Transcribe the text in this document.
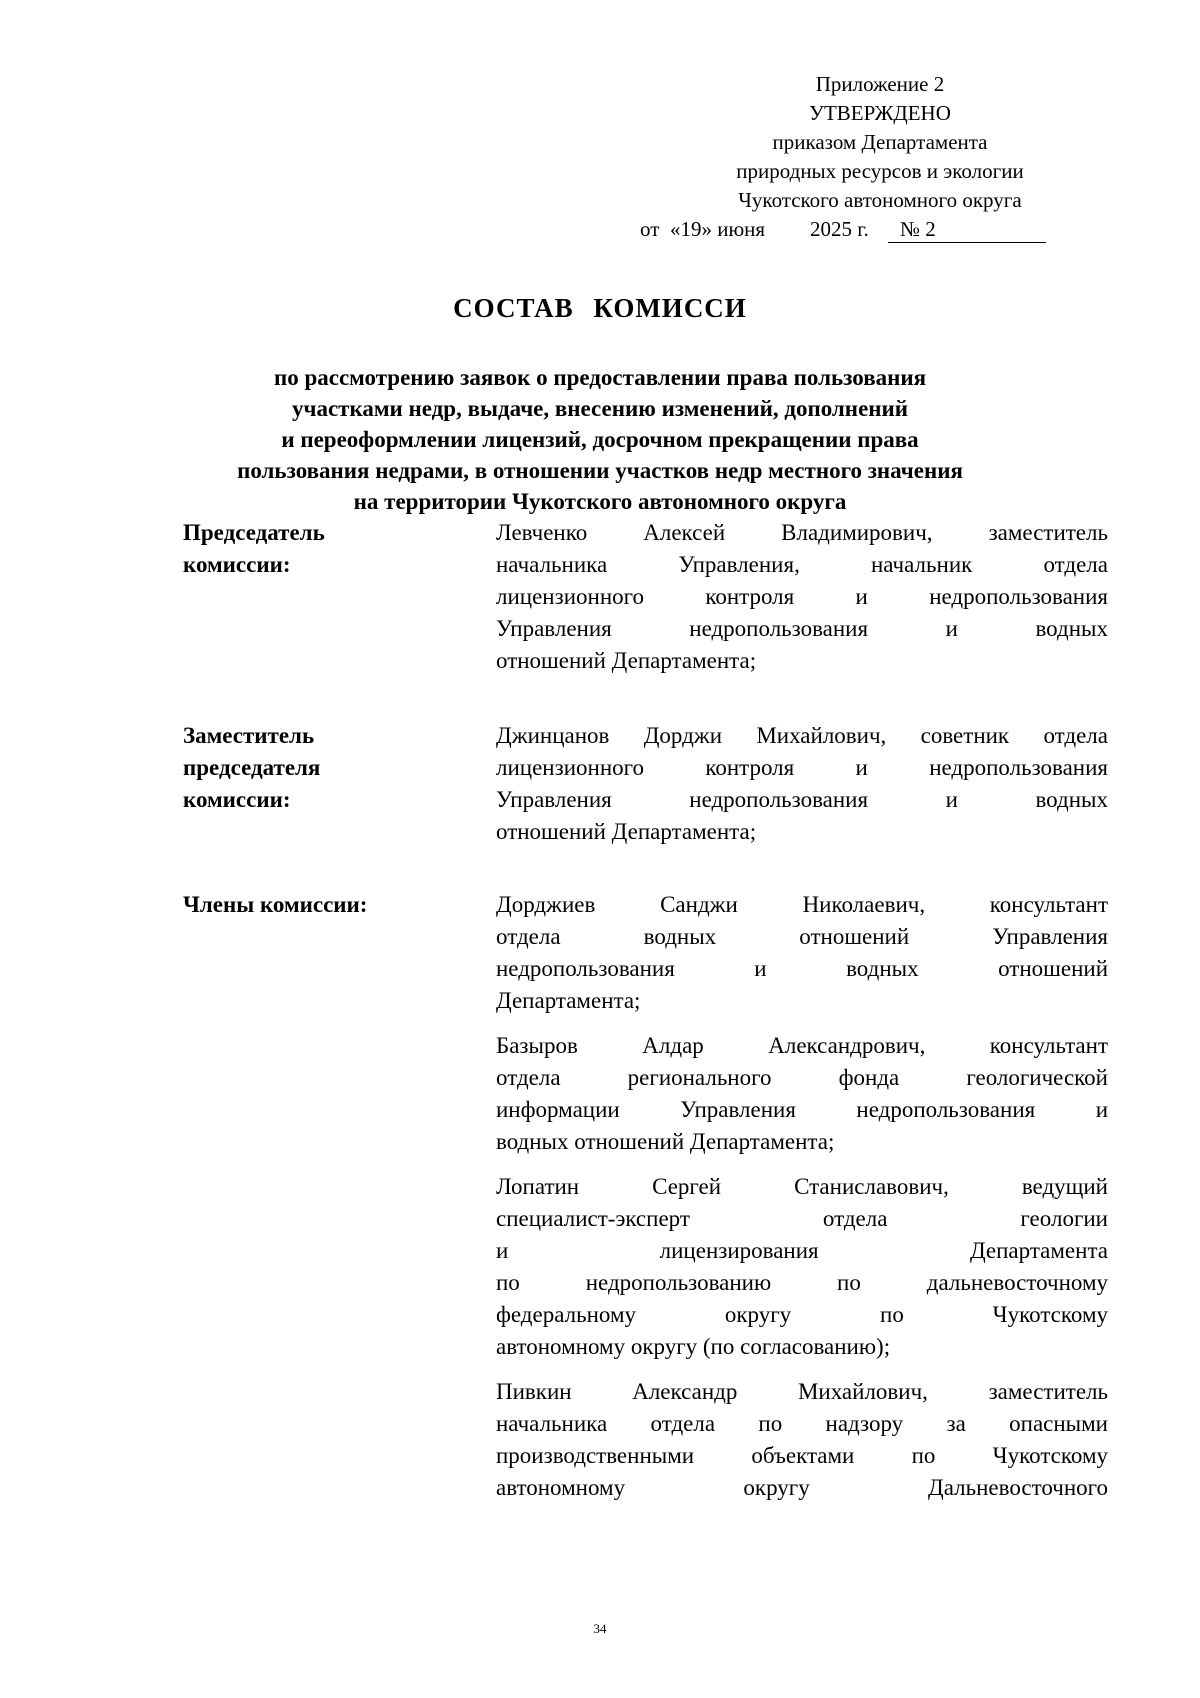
Приложение 2
УТВЕРЖДЕНО
приказом Департамента
природных ресурсов и экологии
Чукотского автономного округа
от «19» июня 2025 г.	№ 2
СОСТАВ КОМИССИ
по рассмотрению заявок о предоставлении права пользования
участками недр, выдаче, внесению изменений, дополнений
и переоформлении лицензий, досрочном прекращении права
пользования недрами, в отношении участков недр местного значения
на территории Чукотского автономного округа
Председатель
комиссии:
Левченко Алексей Владимирович, заместитель
начальника Управления, начальник отдела
лицензионного контроля и недропользования
Управления недропользования и водных
отношений Департамента;
Заместитель
председателя
комиссии:
Джинцанов Дорджи Михайлович, советник отдела
лицензионного контроля и недропользования
Управления недропользования и водных
отношений Департамента;
Члены комиссии:	Дорджиев Санджи Николаевич, консультант
отдела водных отношений Управления
недропользования и водных отношений
Департамента;
Базыров Алдар Александрович, консультант
отдела регионального фонда геологической
информации Управления недропользования и
водных отношений Департамента;
Лопатин Сергей Станиславович, ведущий
специалист-эксперт отдела геологии
и лицензирования Департамента
по недропользованию по дальневосточному
федеральному округу по Чукотскому
автономному округу (по согласованию);
Пивкин Александр Михайлович, заместитель
начальника отдела по надзору за опасными
производственными объектами по Чукотскому
автономному округу Дальневосточного
34
